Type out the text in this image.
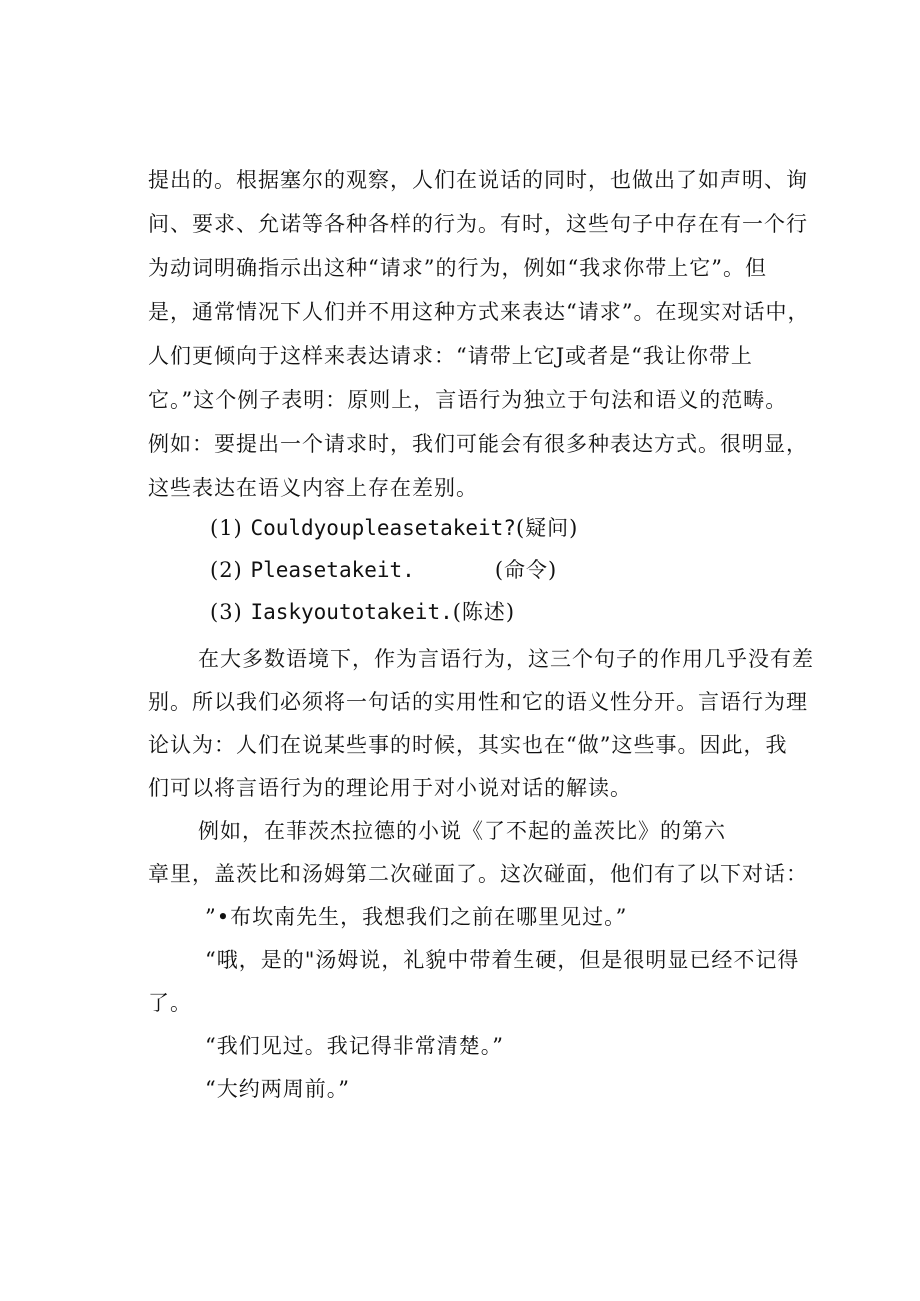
提出的。根据塞尔的观察，人们在说话的同时，也做出了如声明、询
问、要求、允诺等各种各样的行为。有时，这些句子中存在有一个行
为动词明确指示出这种“请求”的行为，例如“我求你带上它”。但
是，通常情况下人们并不用这种方式来表达“请求”。在现实对话中，
人们更倾向于这样来表达请求：“请带上它J或者是“我让你带上
它。”这个例子表明：原则上，言语行为独立于句法和语义的范畴。
例如：要提出一个请求时，我们可能会有很多种表达方式。很明显，
这些表达在语义内容上存在差别。
(1) Couldyoupleasetakeit?(疑问)
(2) Pleasetakeit.	(命令)
(3) Iaskyoutotakeit.(陈述)
在大多数语境下，作为言语行为，这三个句子的作用几乎没有差
别。所以我们必须将一句话的实用性和它的语义性分开。言语行为理
论认为：人们在说某些事的时候，其实也在“做”这些事。因此，我
们可以将言语行为的理论用于对小说对话的解读。
例如，在菲茨杰拉德的小说《了不起的盖茨比》的第六
章里，盖茨比和汤姆第二次碰面了。这次碰面，他们有了以下对话：
”•布坎南先生，我想我们之前在哪里见过。”
“哦，是的"汤姆说，礼貌中带着生硬，但是很明显已经不记得
了。
“我们见过。我记得非常清楚。”
“大约两周前。”
